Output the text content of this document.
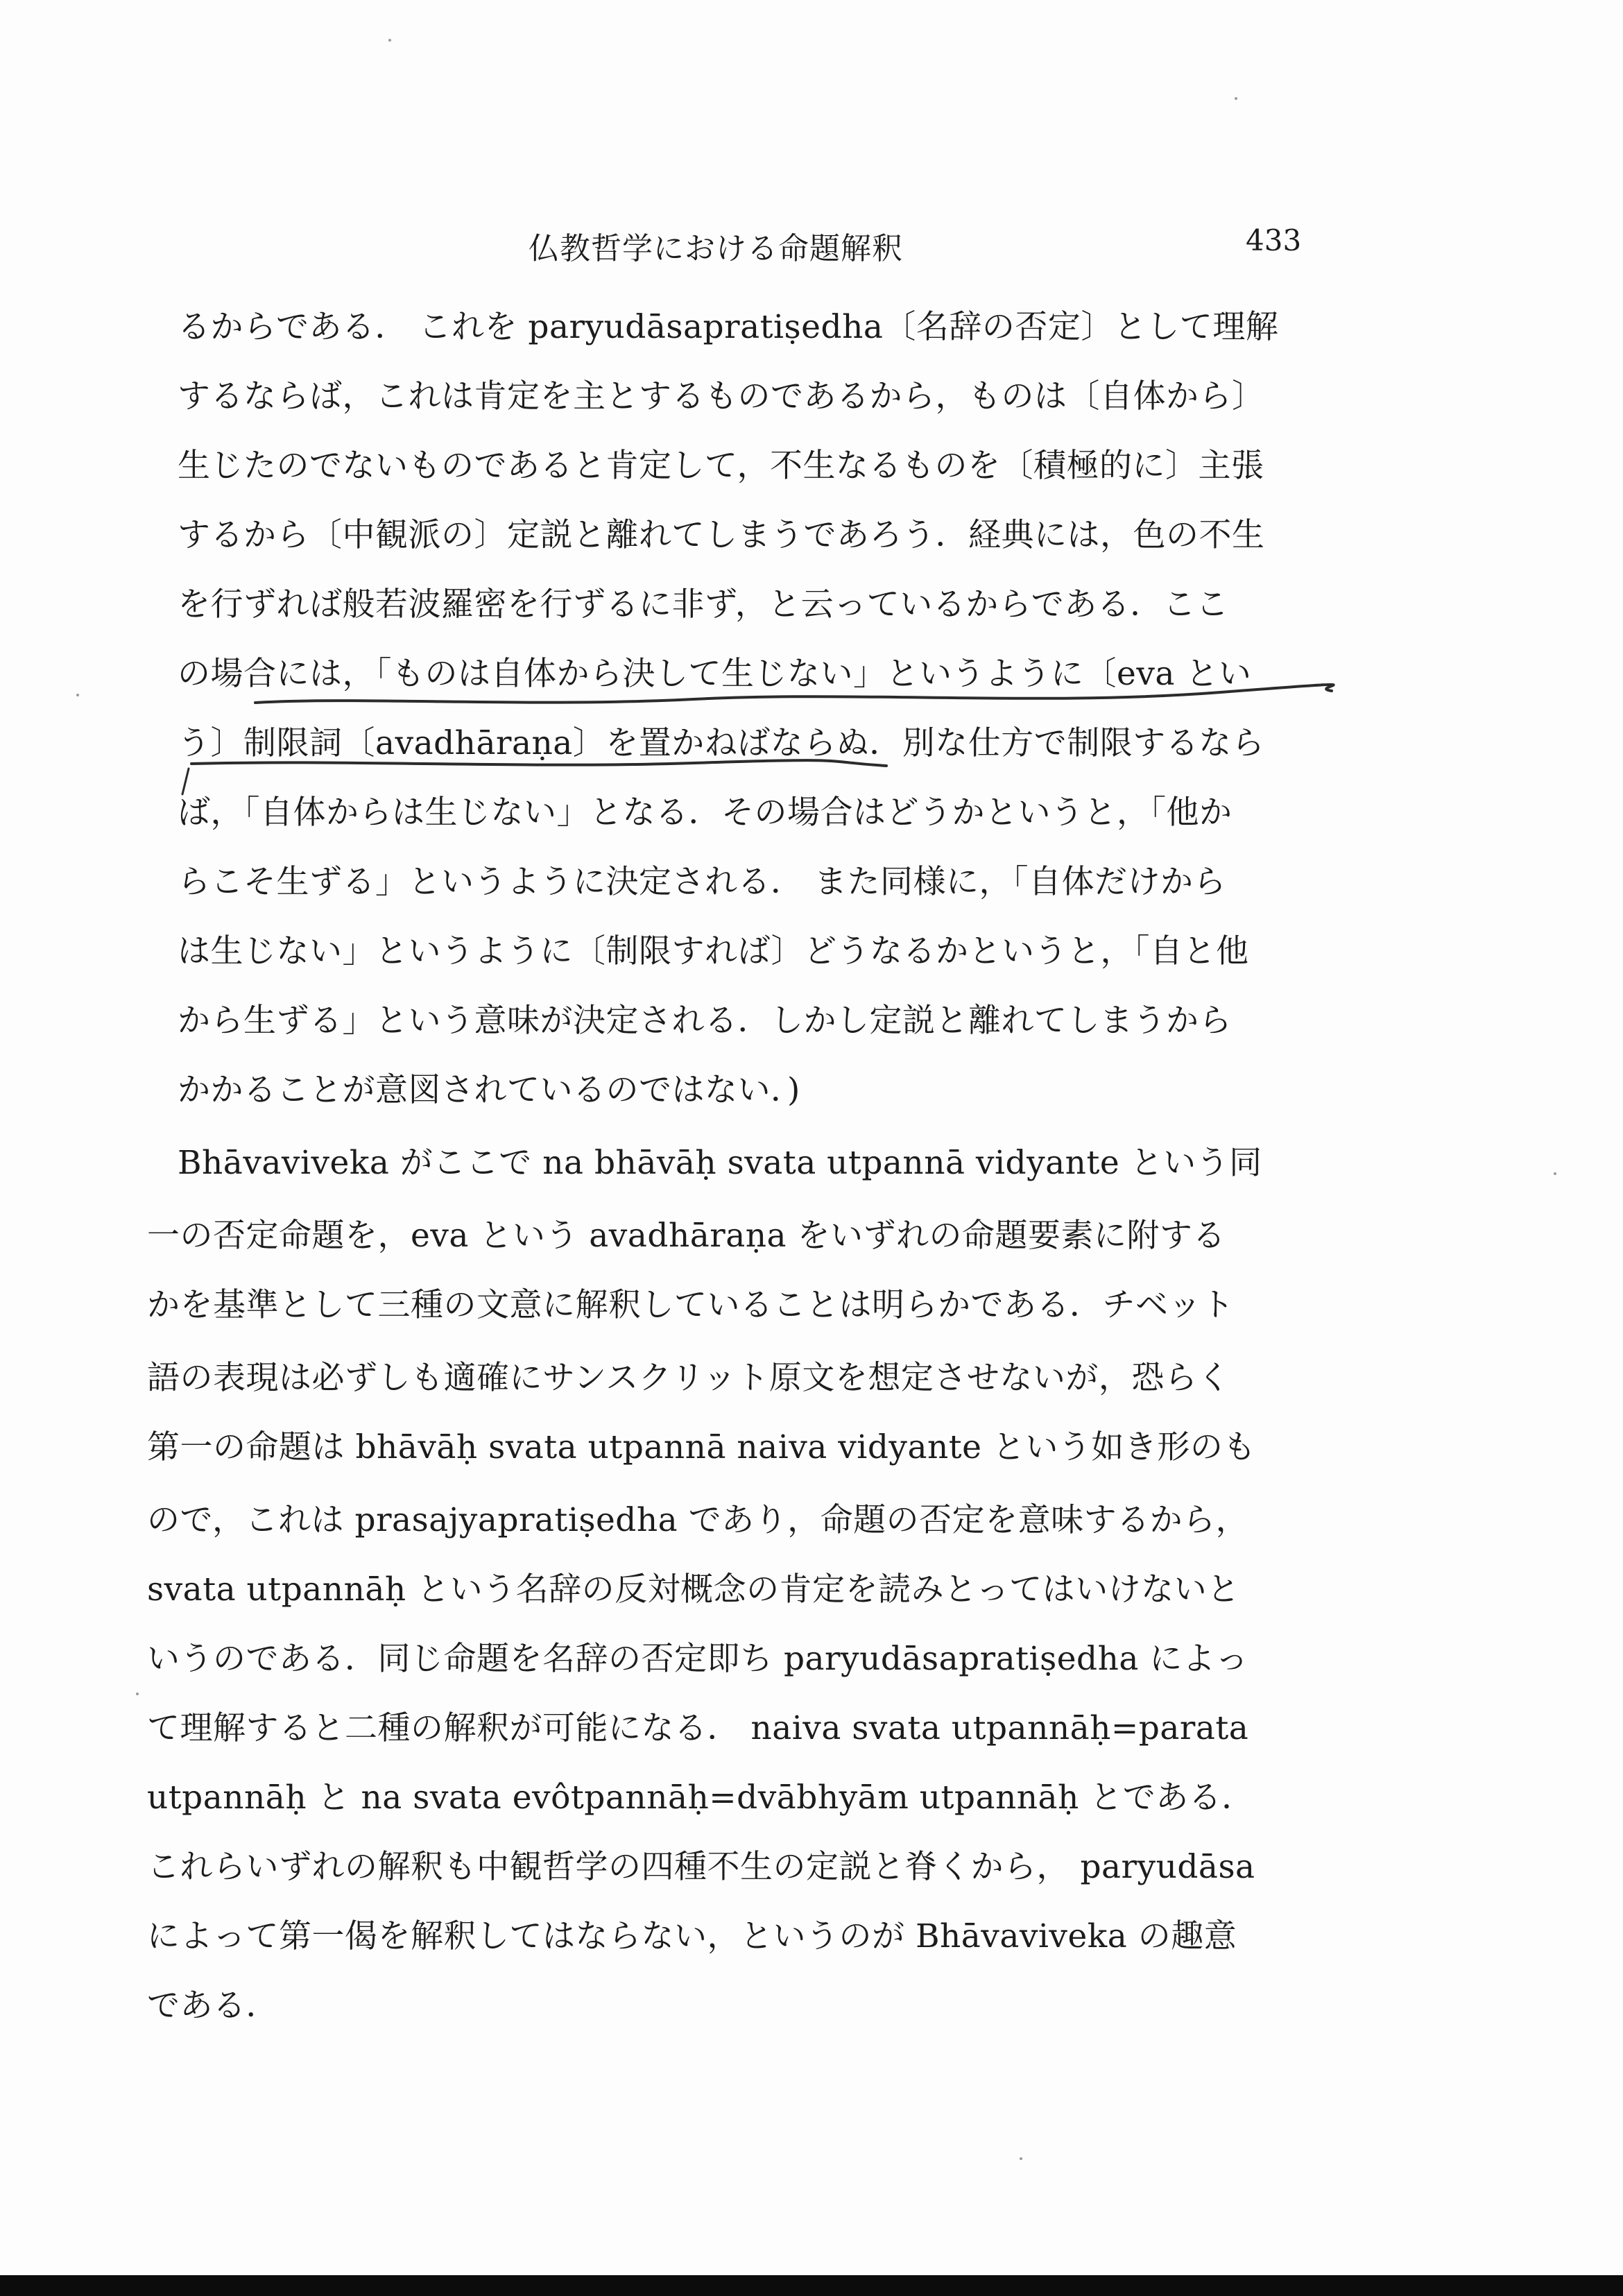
仏教哲学における命題解釈	433
るからである． これを paryudāsapratiṣedha〔名辞の否定〕として理解
するならば，これは肯定を主とするものであるから，ものは〔自体から〕
生じたのでないものであると肯定して，不生なるものを〔積極的に〕主張
するから〔中観派の〕定説と離れてしまうであろう．経典には，色の不生
を行ずれば般若波羅密を行ずるに非ず，と云っているからである．ここ
の場合には，「ものは自体から決して生じない」というように〔eva とい
う〕制限詞〔avadhāraṇa〕を置かねばならぬ．別な仕方で制限するなら
ば，「自体からは生じない」となる．その場合はどうかというと，「他か
らこそ生ずる」というように決定される． また同様に，「自体だけから
は生じない」というように〔制限すれば〕どうなるかというと，「自と他
から生ずる」という意味が決定される．しかし定説と離れてしまうから
かかることが意図されているのではない．)
Bhāvaviveka がここで na bhāvāḥ svata utpannā vidyante という同
一の否定命題を，eva という avadhāraṇa をいずれの命題要素に附する
かを基準として三種の文意に解釈していることは明らかである．チベット
語の表現は必ずしも適確にサンスクリット原文を想定させないが，恐らく
第一の命題は bhāvāḥ svata utpannā naiva vidyante という如き形のも
ので，これは prasajyapratiṣedha であり，命題の否定を意味するから，
svata utpannāḥ という名辞の反対概念の肯定を読みとってはいけないと
いうのである．同じ命題を名辞の否定即ち paryudāsapratiṣedha によっ
て理解すると二種の解釈が可能になる． naiva svata utpannāḥ=parata
utpannāḥ と na svata evôtpannāḥ=dvābhyām utpannāḥ とである．
これらいずれの解釈も中観哲学の四種不生の定説と脊くから， paryudāsa
によって第一偈を解釈してはならない，というのが Bhāvaviveka の趣意
である．
